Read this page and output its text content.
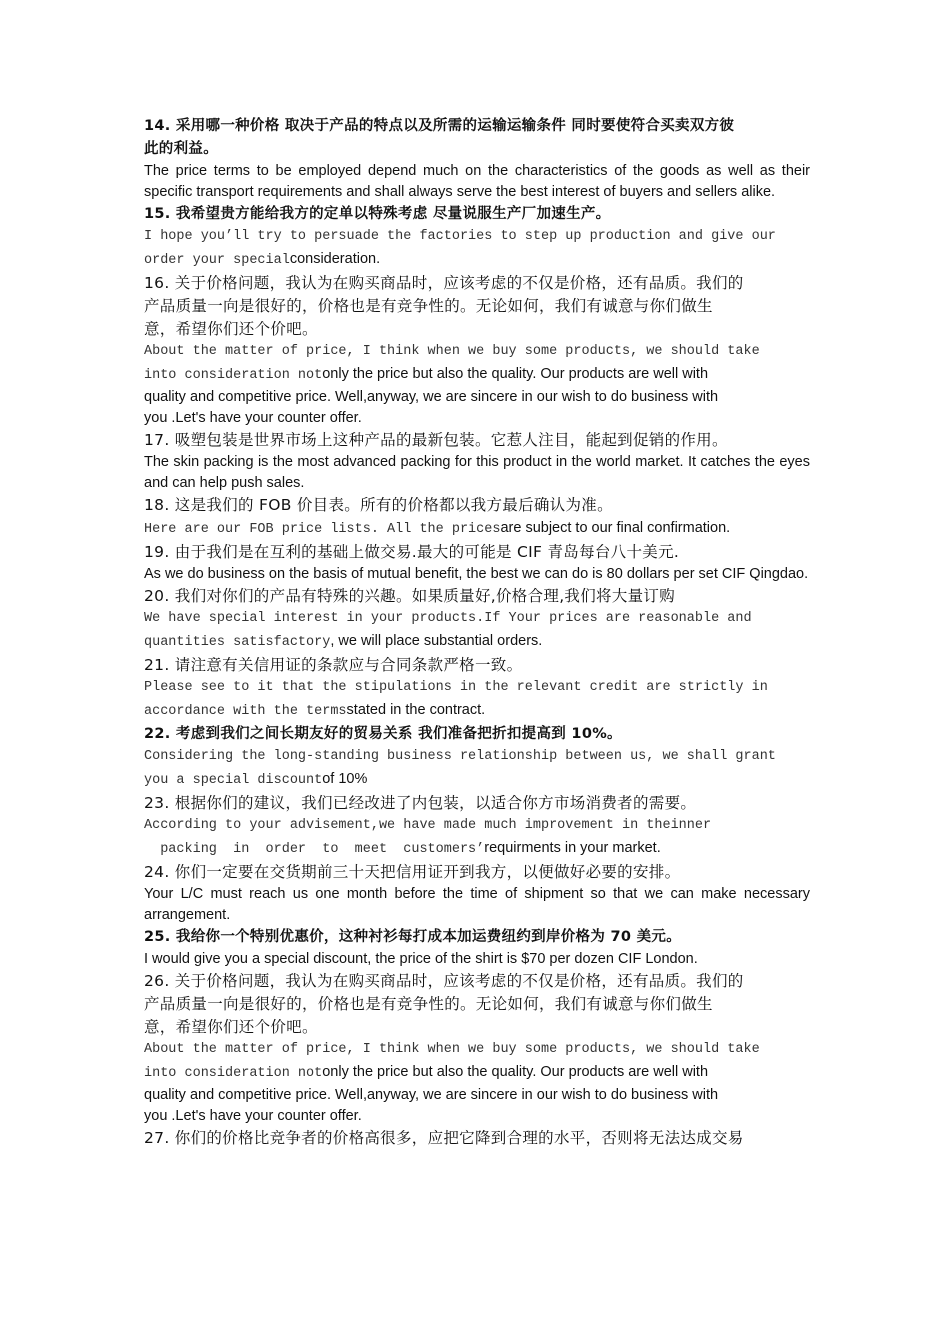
14. 采用哪一种价格 取决于产品的特点以及所需的运输运输条件 同时要使符合买卖双方彼

此的利益。

The price terms to be employed depend much on the characteristics of the goods as well as their specific transport requirements and shall always serve the best interest of buyers and sellers alike.

15. 我希望贵方能给我方的定单以特殊考虑 尽量说服生产厂加速生产。

I hope you’ll try to persuade the factories to step up production and give our

order your specialconsideration.

16. 关于价格问题，我认为在购买商品时，应该考虑的不仅是价格，还有品质。我们的

产品质量一向是很好的，价格也是有竞争性的。无论如何，我们有诚意与你们做生

意，希望你们还个价吧。

About the matter of price, I think when we buy some products, we should take

into consideration notonly the price but also the quality. Our products are well with

quality and competitive price. Well,anyway, we are sincere in our wish to do business with

you .Let's have your counter offer.

17. 吸塑包装是世界市场上这种产品的最新包装。它惹人注目，能起到促销的作用。

The skin packing is the most advanced packing for this product in the world market. It catches the eyes and can help push sales.

18. 这是我们的 FOB 价目表。所有的价格都以我方最后确认为准。

Here are our FOB price lists. All the pricesare subject to our final confirmation.

19. 由于我们是在互利的基础上做交易.最大的可能是 CIF 青岛每台八十美元.

As we do business on the basis of mutual benefit, the best we can do is 80 dollars per set CIF Qingdao.

20. 我们对你们的产品有特殊的兴趣。如果质量好,价格合理,我们将大量订购

We have special interest in your products.If Your prices are reasonable and

quantities satisfactory, we will place substantial orders.

21. 请注意有关信用证的条款应与合同条款严格一致。

Please see to it that the stipulations in the relevant credit are strictly in

accordance with the termsstated in the contract.

22. 考虑到我们之间长期友好的贸易关系 我们准备把折扣提高到 10%。

Considering the long-standing business relationship between us, we shall grant

you a special discountof 10%

23. 根据你们的建议，我们已经改进了内包装，以适合你方市场消费者的需要。

According to your advisement,we have made much improvement in theinner

packing  in  order  to  meet  customers’requirments in your market.

24. 你们一定要在交货期前三十天把信用证开到我方，以便做好必要的安排。

Your L/C must reach us one month before the time of shipment so that we can make necessary arrangement.

25. 我给你一个特别优惠价，这种衬衫每打成本加运费纽约到岸价格为 70 美元。

I would give you a special discount, the price of the shirt is $70 per dozen CIF London.

26. 关于价格问题，我认为在购买商品时，应该考虑的不仅是价格，还有品质。我们的

产品质量一向是很好的，价格也是有竞争性的。无论如何，我们有诚意与你们做生

意，希望你们还个价吧。

About the matter of price, I think when we buy some products, we should take

into consideration notonly the price but also the quality. Our products are well with

quality and competitive price. Well,anyway, we are sincere in our wish to do business with

you .Let's have your counter offer.

27. 你们的价格比竞争者的价格高很多，应把它降到合理的水平，否则将无法达成交易
